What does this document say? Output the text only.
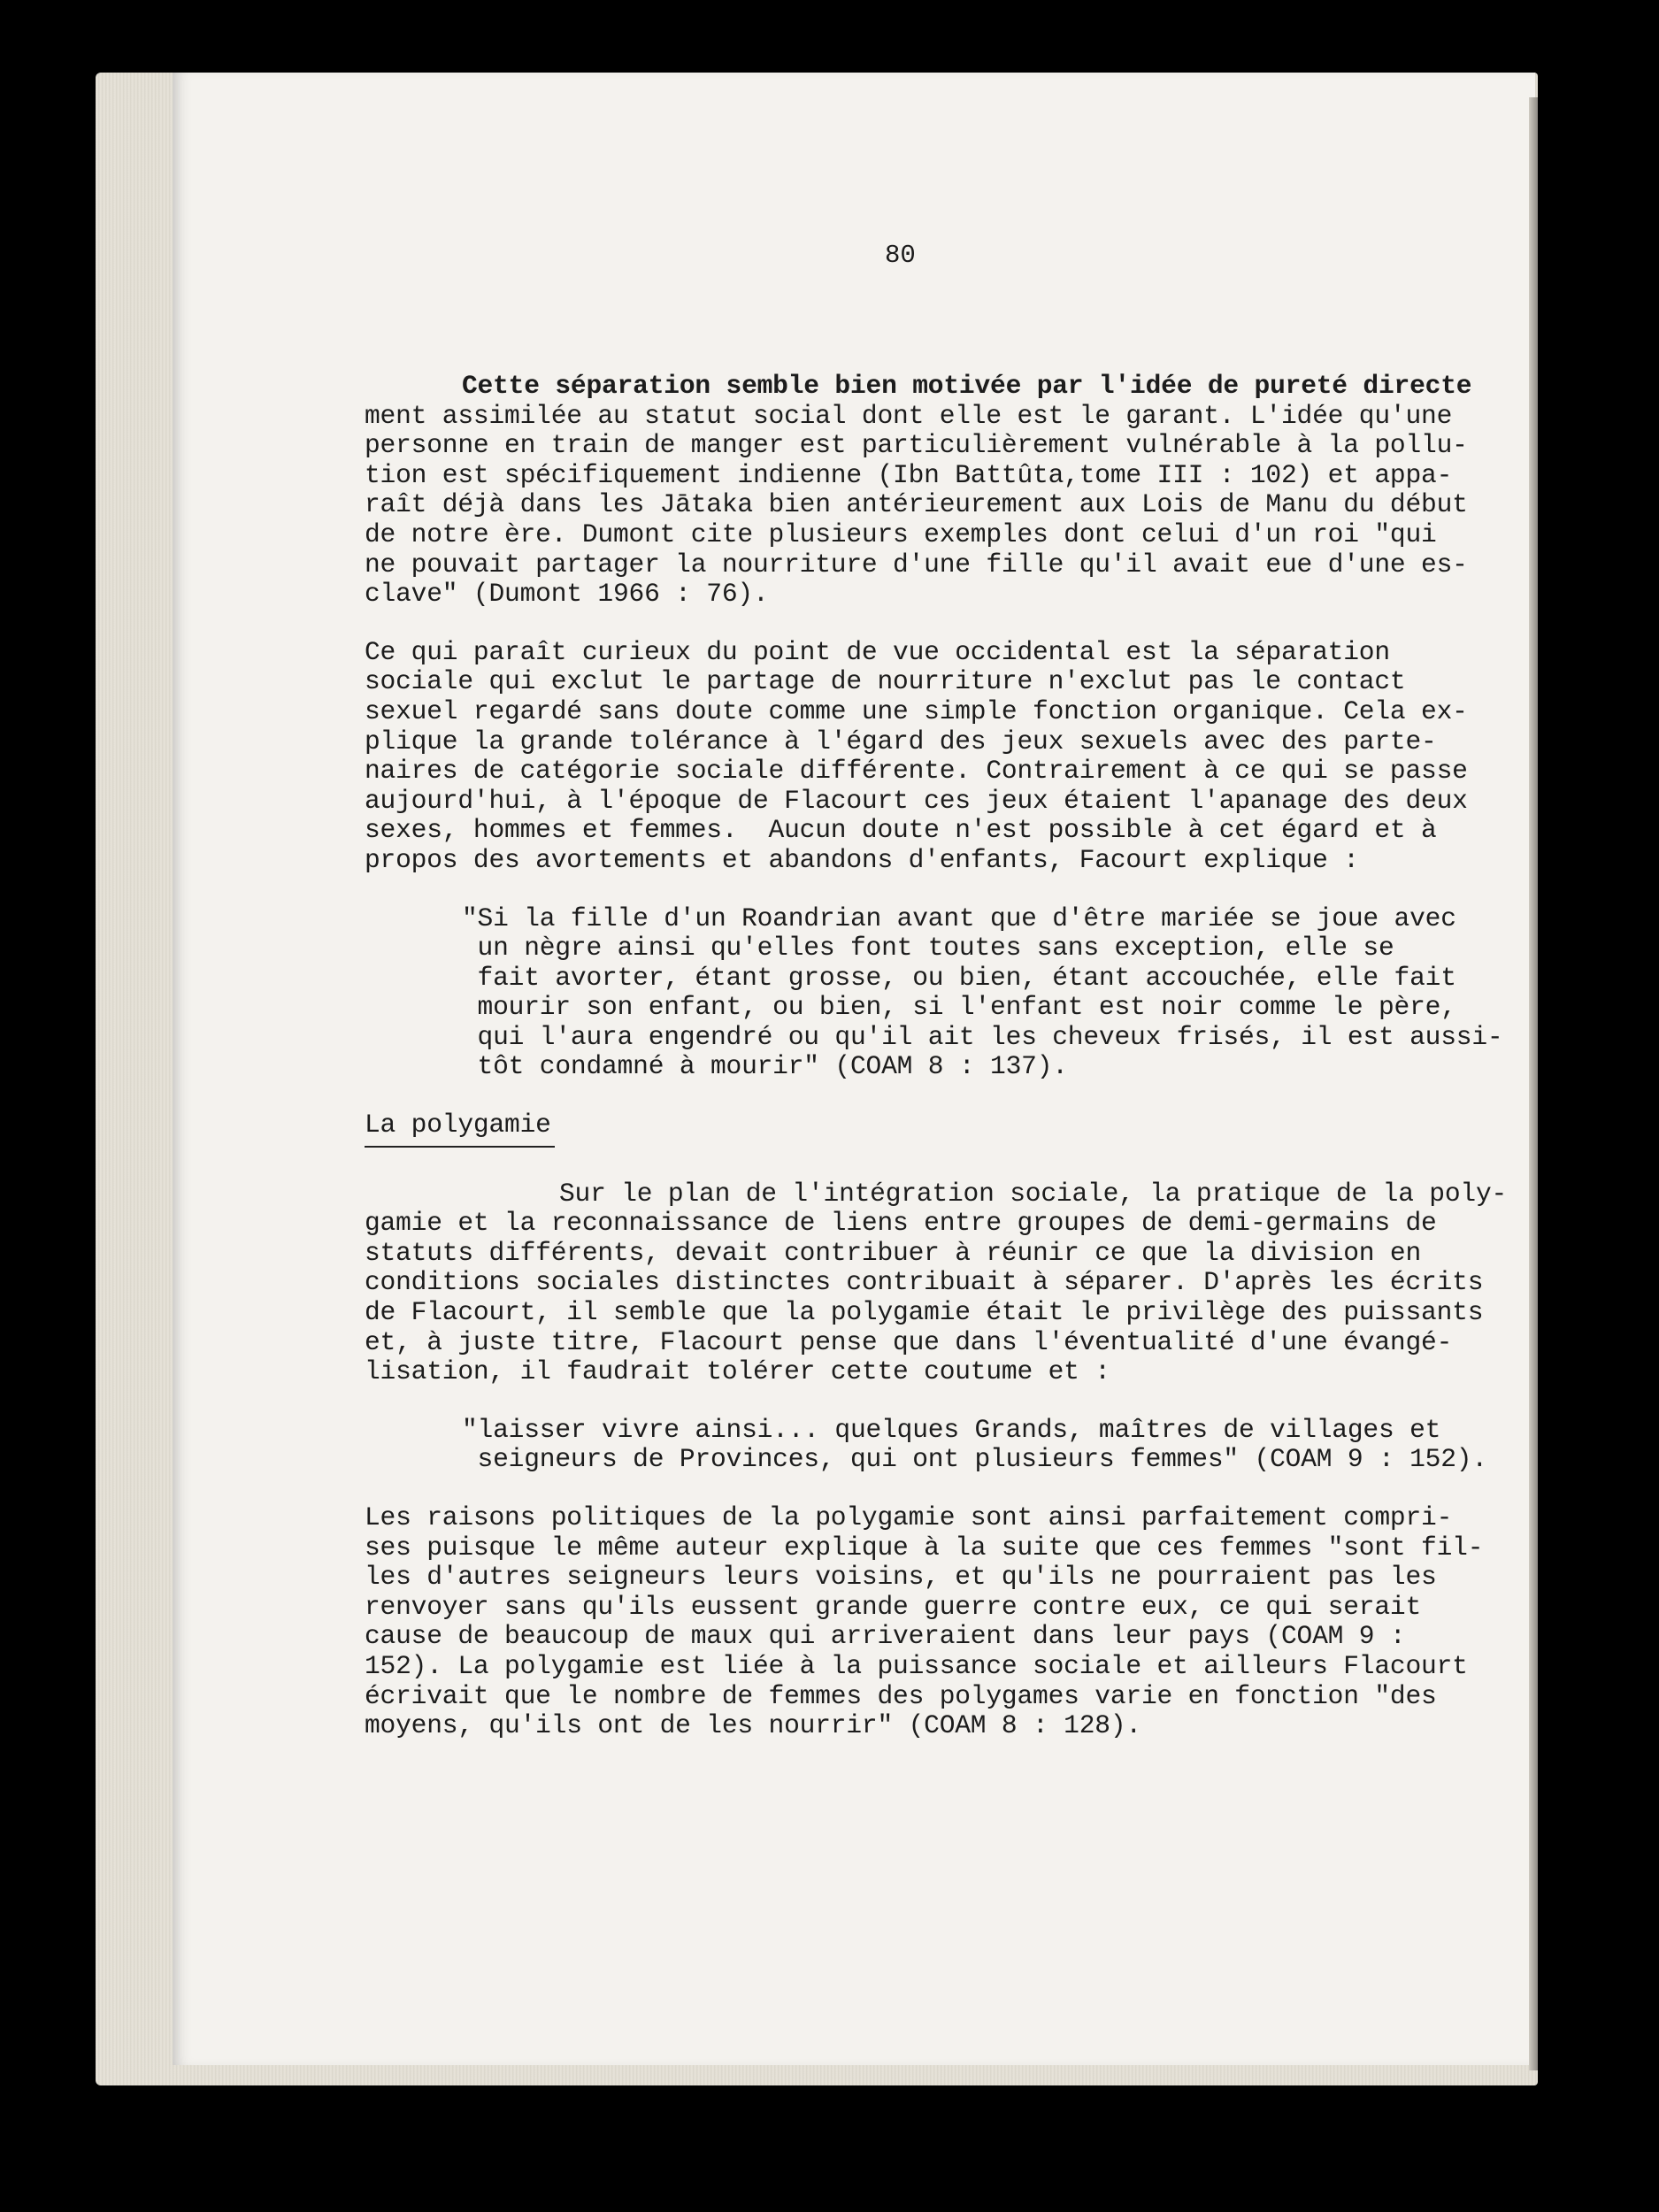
80
Cette séparation semble bien motivée par l'idée de pureté directe
ment assimilée au statut social dont elle est le garant. L'idée qu'une
personne en train de manger est particulièrement vulnérable à la pollu-
tion est spécifiquement indienne (Ibn Battûta,tome III : 102) et appa-
raît déjà dans les Jātaka bien antérieurement aux Lois de Manu du début
de notre ère. Dumont cite plusieurs exemples dont celui d'un roi "qui
ne pouvait partager la nourriture d'une fille qu'il avait eue d'une es-
clave" (Dumont 1966 : 76).
Ce qui paraît curieux du point de vue occidental est la séparation
sociale qui exclut le partage de nourriture n'exclut pas le contact
sexuel regardé sans doute comme une simple fonction organique. Cela ex-
plique la grande tolérance à l'égard des jeux sexuels avec des parte-
naires de catégorie sociale différente. Contrairement à ce qui se passe
aujourd'hui, à l'époque de Flacourt ces jeux étaient l'apanage des deux
sexes, hommes et femmes.  Aucun doute n'est possible à cet égard et à
propos des avortements et abandons d'enfants, Facourt explique :
"Si la fille d'un Roandrian avant que d'être mariée se joue avec
un nègre ainsi qu'elles font toutes sans exception, elle se
fait avorter, étant grosse, ou bien, étant accouchée, elle fait
mourir son enfant, ou bien, si l'enfant est noir comme le père,
qui l'aura engendré ou qu'il ait les cheveux frisés, il est aussi-
tôt condamné à mourir" (COAM 8 : 137).
La polygamie
Sur le plan de l'intégration sociale, la pratique de la poly-
gamie et la reconnaissance de liens entre groupes de demi-germains de
statuts différents, devait contribuer à réunir ce que la division en
conditions sociales distinctes contribuait à séparer. D'après les écrits
de Flacourt, il semble que la polygamie était le privilège des puissants
et, à juste titre, Flacourt pense que dans l'éventualité d'une évangé-
lisation, il faudrait tolérer cette coutume et :
"laisser vivre ainsi... quelques Grands, maîtres de villages et
seigneurs de Provinces, qui ont plusieurs femmes" (COAM 9 : 152).
Les raisons politiques de la polygamie sont ainsi parfaitement compri-
ses puisque le même auteur explique à la suite que ces femmes "sont fil-
les d'autres seigneurs leurs voisins, et qu'ils ne pourraient pas les
renvoyer sans qu'ils eussent grande guerre contre eux, ce qui serait
cause de beaucoup de maux qui arriveraient dans leur pays (COAM 9 :
152). La polygamie est liée à la puissance sociale et ailleurs Flacourt
écrivait que le nombre de femmes des polygames varie en fonction "des
moyens, qu'ils ont de les nourrir" (COAM 8 : 128).
